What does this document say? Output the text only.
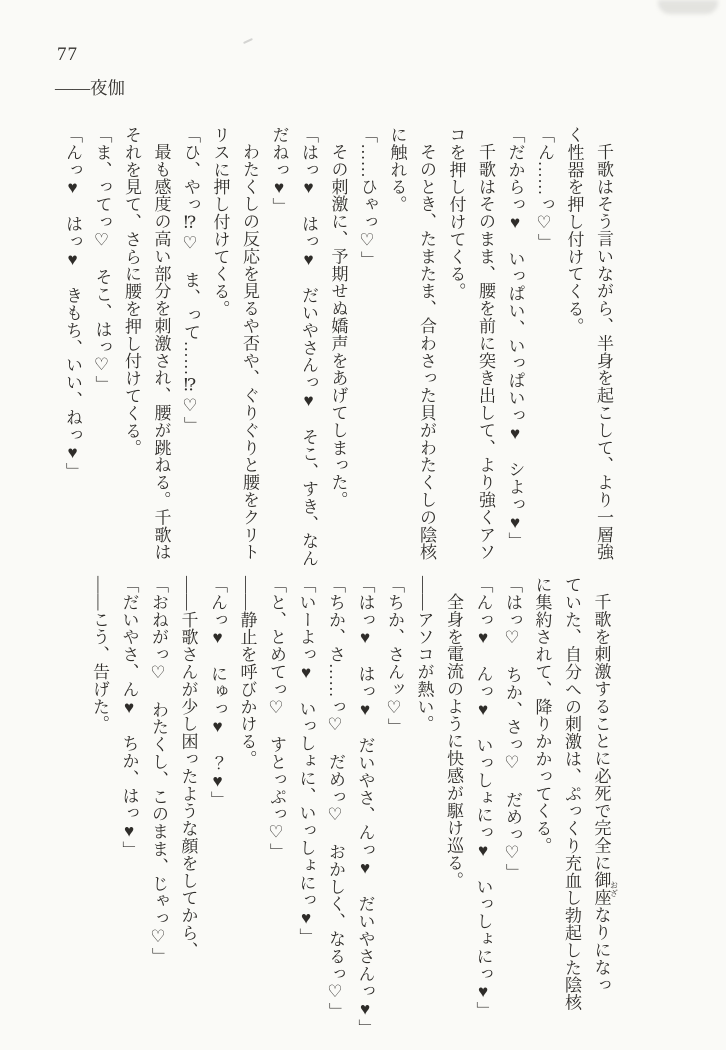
77
——夜伽

千歌はそう言いながら、半身を起こして、より一層強

く性器を押し付けてくる。

「ん……っ♡」

「だからっ♥　いっぱい、いっぱいっ♥　シよっ♥」

千歌はそのまま、腰を前に突き出して、より強くアソ

コを押し付けてくる。

そのとき、たまたま、合わさった貝がわたくしの陰核

に触れる。

「……ひゃっ♡」

その刺激に、予期せぬ嬌声をあげてしまった。

「はっ♥　はっ♥　だいやさんっ♥　そこ、すき、なん

だねっ♥」

わたくしの反応を見るや否や、ぐりぐりと腰をクリト

リスに押し付けてくる。

「ひ、やっ⁉♡　ま、って……⁉♡」

最も感度の高い部分を刺激され、腰が跳ねる。千歌は

それを見て、さらに腰を押し付けてくる。

「ま、ってっ♡　そこ、はっ♡」

「んっ♥　はっ♥　きもち、いい、ねっ♥」

千歌を刺激することに必死で完全に御座 おざなりになっ

ていた、自分への刺激は、ぷっくり充血し勃起した陰核

に集約されて、降りかかってくる。

「はっ♡　ちか、さっ♡　だめっ♡」

「んっ♥　んっ♥　いっしょにっ♥　いっしょにっ♥」

全身を電流のように快感が駆け巡る。

——アソコが熱い。

「ちか、さんッ♡」

「はっ♥　はっ♥　だいやさ、んっ♥　だいやさんっ♥」

「ちか、さ……っ♡　だめっ♡　おかしく、なるっ♡」

「いーよっ♥　いっしょに、いっしょにっ♥」

「と、とめてっ♡　すとっぷっ♡」

——静止を呼びかける。

「んっ♥　にゅっ♥　？♥」

——千歌さんが少し困ったような顔をしてから、

「おねがっ♡　わたくし、このまま、じゃっ♡」

「だいやさ、ん♥　ちか、はっ♥」

——こう、告げた。
